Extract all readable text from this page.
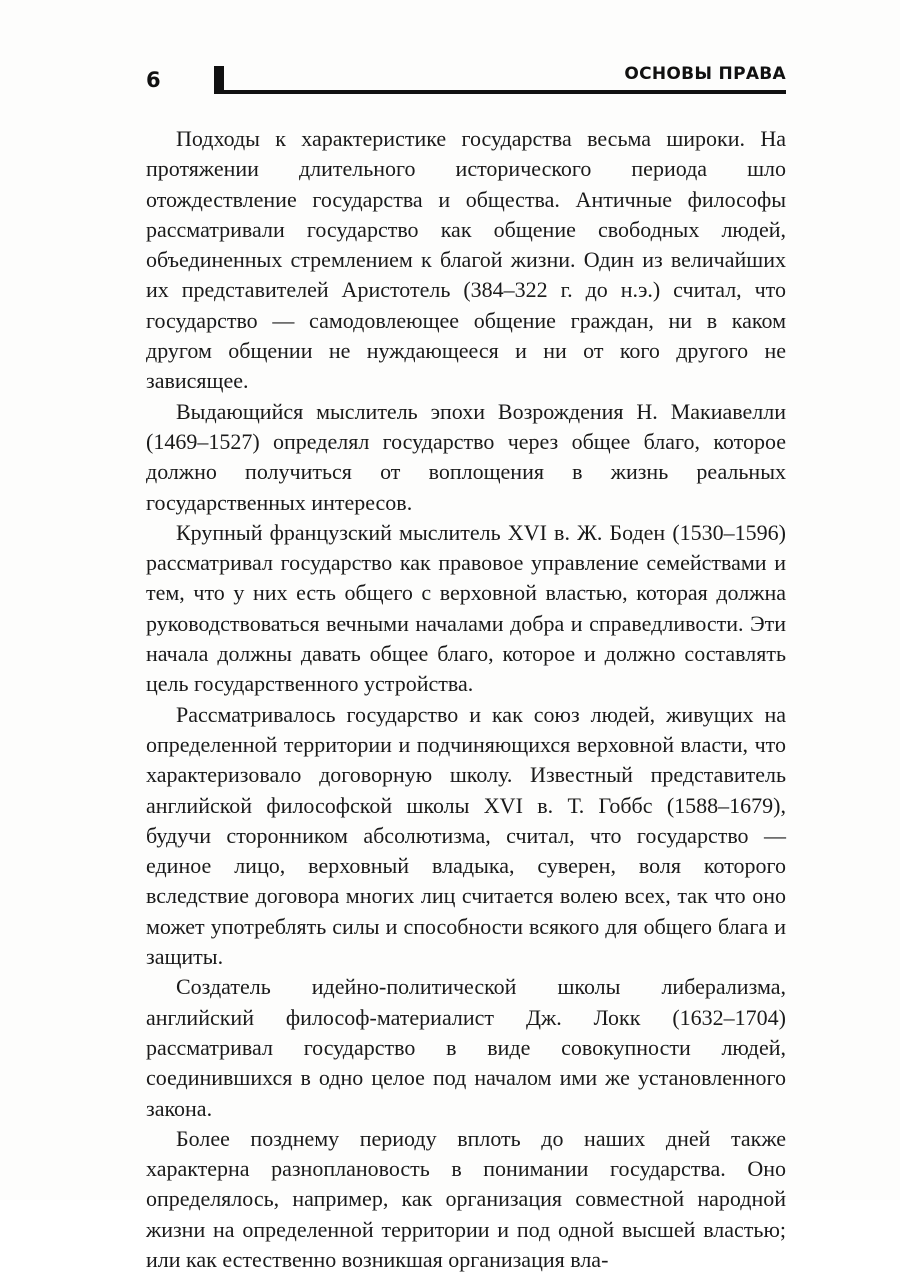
6	ОСНОВЫ ПРАВА

Подходы к характеристике государства весьма широки. На протяжении длительного исторического периода шло отождествление государства и общества. Античные философы рассматривали государство как общение свободных людей, объединенных стремлением к благой жизни. Один из величайших их представителей Аристотель (384–322 г. до н.э.) считал, что государство — самодовлеющее общение граждан, ни в каком другом общении не нуждающееся и ни от кого другого не зависящее.

Выдающийся мыслитель эпохи Возрождения Н. Макиавелли (1469–1527) определял государство через общее благо, которое должно получиться от воплощения в жизнь реальных государственных интересов.

Крупный французский мыслитель XVI в. Ж. Боден (1530–1596) рассматривал государство как правовое управление семействами и тем, что у них есть общего с верховной властью, которая должна руководствоваться вечными началами добра и справедливости. Эти начала должны давать общее благо, которое и должно составлять цель государственного устройства.

Рассматривалось государство и как союз людей, живущих на определенной территории и подчиняющихся верховной власти, что характеризовало договорную школу. Известный представитель английской философской школы XVI в. Т. Гоббс (1588–1679), будучи сторонником абсолютизма, считал, что государство — единое лицо, верховный владыка, суверен, воля которого вследствие договора многих лиц считается волею всех, так что оно может употреблять силы и способности всякого для общего блага и защиты.

Создатель идейно-политической школы либерализма, английский философ-материалист Дж. Локк (1632–1704) рассматривал государство в виде совокупности людей, соединившихся в одно целое под началом ими же установленного закона.

Более позднему периоду вплоть до наших дней также характерна разноплановость в понимании государства. Оно определялось, например, как организация совместной народной жизни на определенной территории и под одной высшей властью; или как естественно возникшая организация вла-
